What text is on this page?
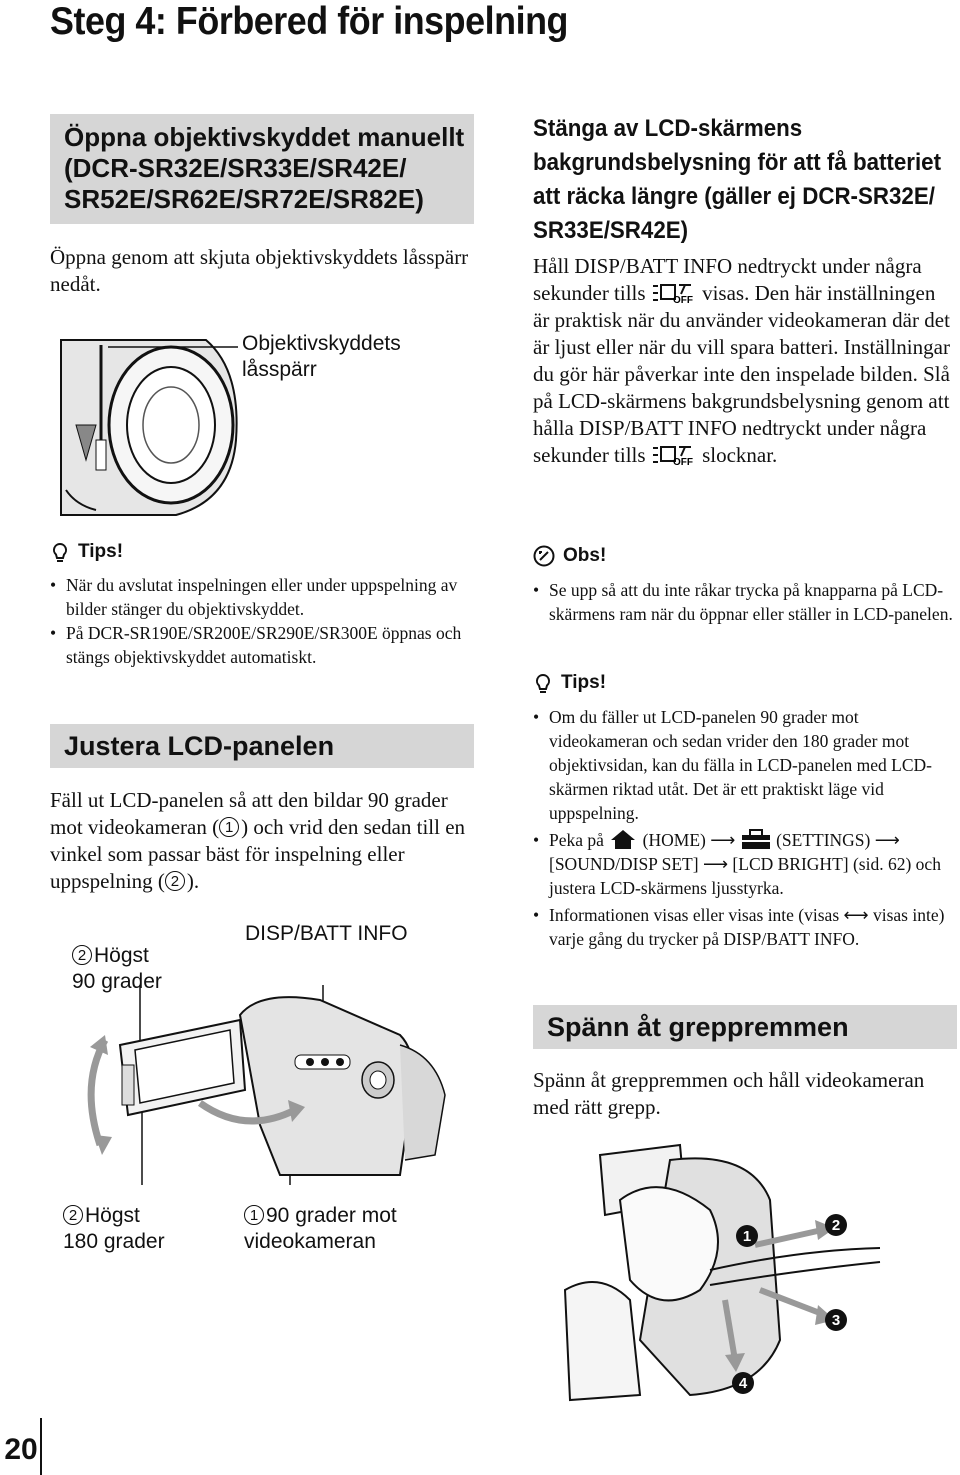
Steg 4: Förbered för inspelning
Öppna objektivskyddet manuellt
(DCR-SR32E/SR33E/SR42E/
SR52E/SR62E/SR72E/SR82E)

Öppna genom att skjuta objektivskyddets låsspärr nedåt.

Objektivskyddets låsspärr
Tips!
• När du avslutat inspelningen eller under uppspelning av bilder stänger du objektivskyddet.
• På DCR-SR190E/SR200E/SR290E/SR300E öppnas och stängs objektivskyddet automatiskt.
Justera LCD-panelen

Fäll ut LCD-panelen så att den bildar 90 grader mot videokameran ( 1 ) och vrid den sedan till en vinkel som passar bäst för inspelning eller uppspelning ( 2 ).

2 Högst
90 grader
DISP/BATT INFO
2 Högst
180 grader
1 90 grader mot
videokameran
Stänga av LCD-skärmens
bakgrundsbelysning för att få batteriet
att räcka längre (gäller ej DCR-SR32E/
SR33E/SR42E)

Håll DISP/BATT INFO nedtryckt under några sekunder tills	OFF visas. Den här inställningen är praktisk när du använder videokameran där det är ljust eller när du vill spara batteri. Inställningar du gör här påverkar inte den inspelade bilden. Slå på LCD-skärmens bakgrundsbelysning genom att hålla DISP/BATT INFO nedtryckt under några sekunder tills	OFF slocknar.

Obs!
• Se upp så att du inte råkar trycka på knapparna på LCD-skärmens ram när du öppnar eller ställer in LCD-panelen.
Tips!
• Om du fäller ut LCD-panelen 90 grader mot videokameran och sedan vrider den 180 grader mot objektivsidan, kan du fälla in LCD-panelen med LCD-skärmen riktad utåt. Det är ett praktiskt läge vid uppspelning.
• Peka på (HOME) ⟶ (SETTINGS) ⟶ [SOUND/DISP SET] ⟶ [LCD BRIGHT] (sid. 62) och justera LCD-skärmens ljusstyrka.
• Informationen visas eller visas inte (visas ⟷ visas inte) varje gång du trycker på DISP/BATT INFO.
Spänn åt greppremmen

Spänn åt greppremmen och håll videokameran med rätt grepp.

1
2
3
4
20
